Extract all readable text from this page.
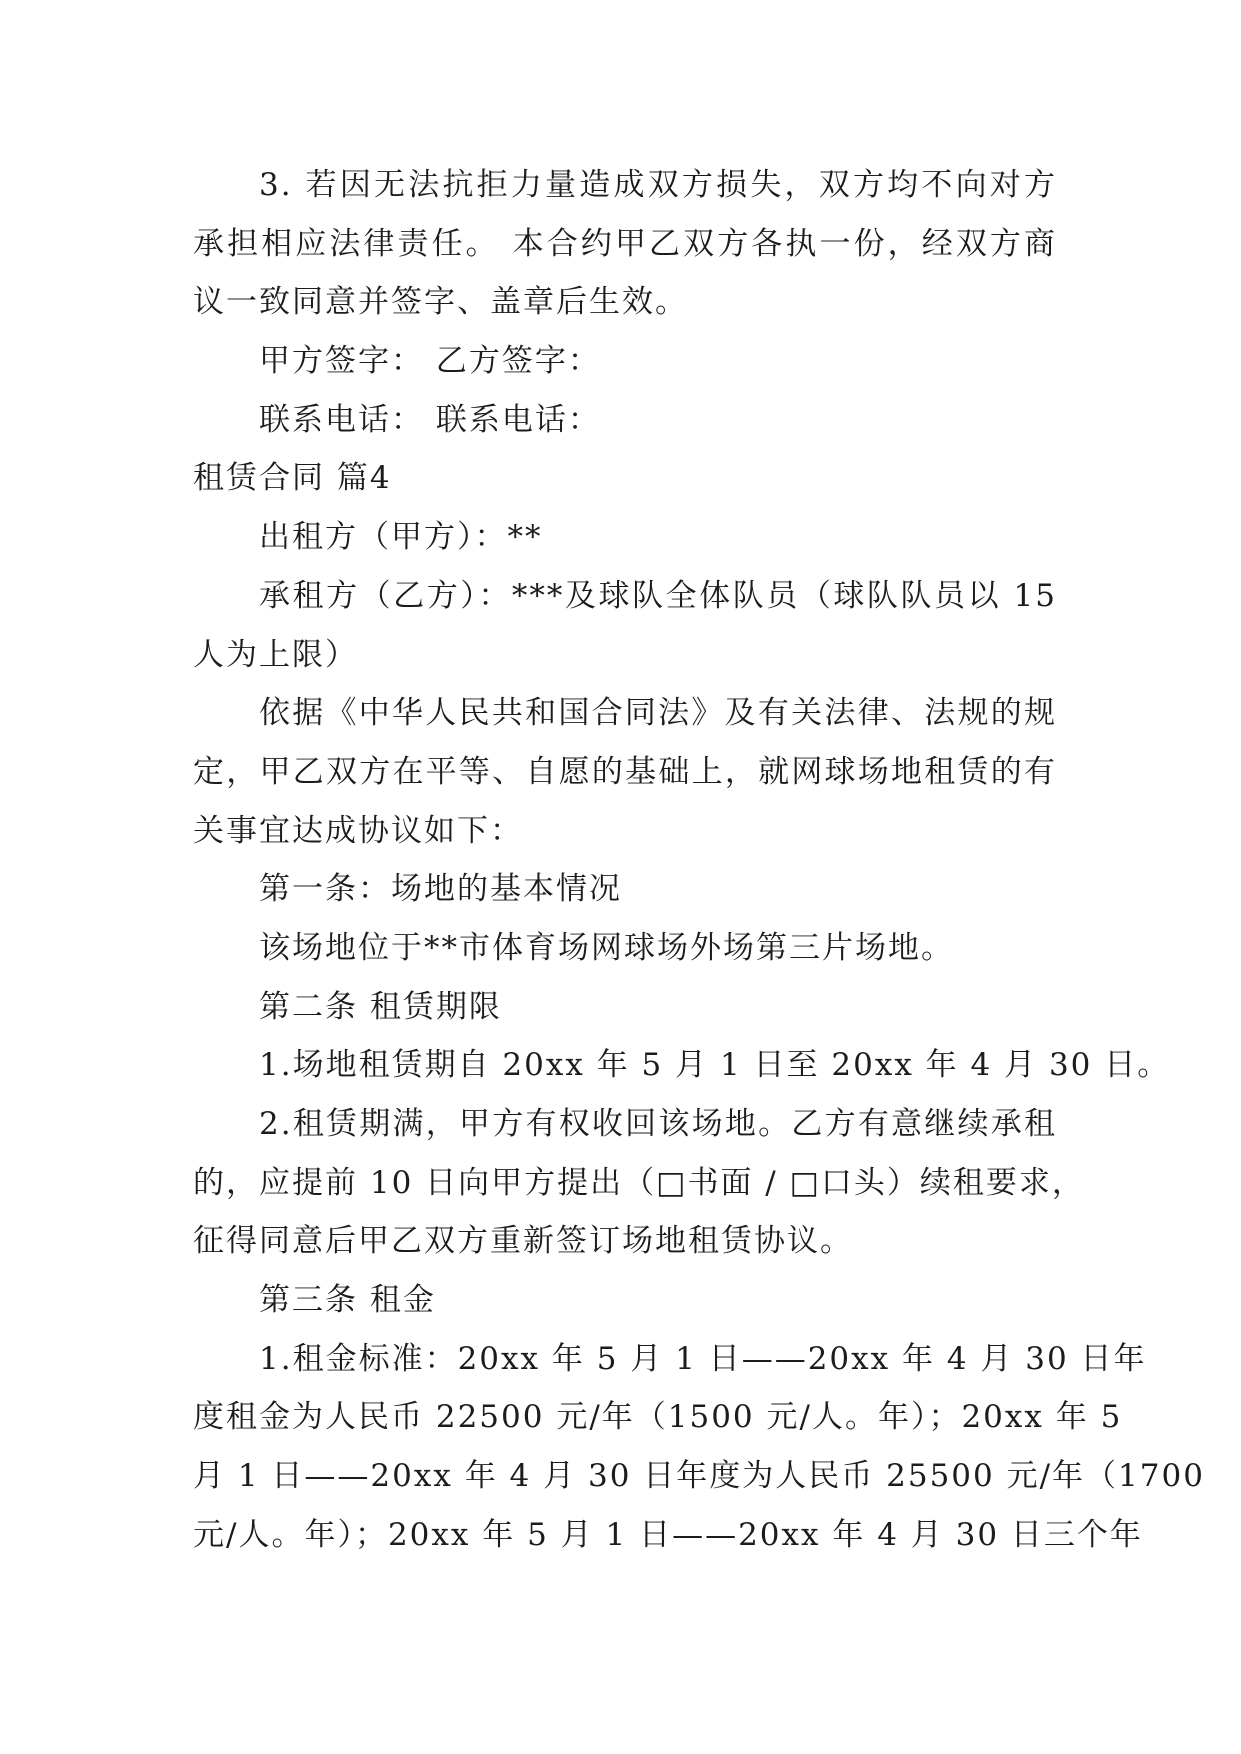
3. 若因无法抗拒力量造成双方损失，双方均不向对方
承担相应法律责任。 本合约甲乙双方各执一份，经双方商
议一致同意并签字、盖章后生效。
甲方签字： 乙方签字：
联系电话： 联系电话：
租赁合同 篇4
出租方（甲方）：**
承租方（乙方）：***及球队全体队员（球队队员以 15
人为上限）
依据《中华人民共和国合同法》及有关法律、法规的规
定，甲乙双方在平等、自愿的基础上，就网球场地租赁的有
关事宜达成协议如下：
第一条：场地的基本情况
该场地位于**市体育场网球场外场第三片场地。
第二条 租赁期限
1.场地租赁期自 20xx 年 5 月 1 日至 20xx 年 4 月 30 日。
2.租赁期满，甲方有权收回该场地。乙方有意继续承租
的，应提前 10 日向甲方提出（□书面 / □口头）续租要求，
征得同意后甲乙双方重新签订场地租赁协议。
第三条 租金
1.租金标准：20xx 年 5 月 1 日——20xx 年 4 月 30 日年
度租金为人民币 22500 元/年（1500 元/人。年）；20xx 年 5
月 1 日——20xx 年 4 月 30 日年度为人民币 25500 元/年（1700
元/人。年）；20xx 年 5 月 1 日——20xx 年 4 月 30 日三个年
